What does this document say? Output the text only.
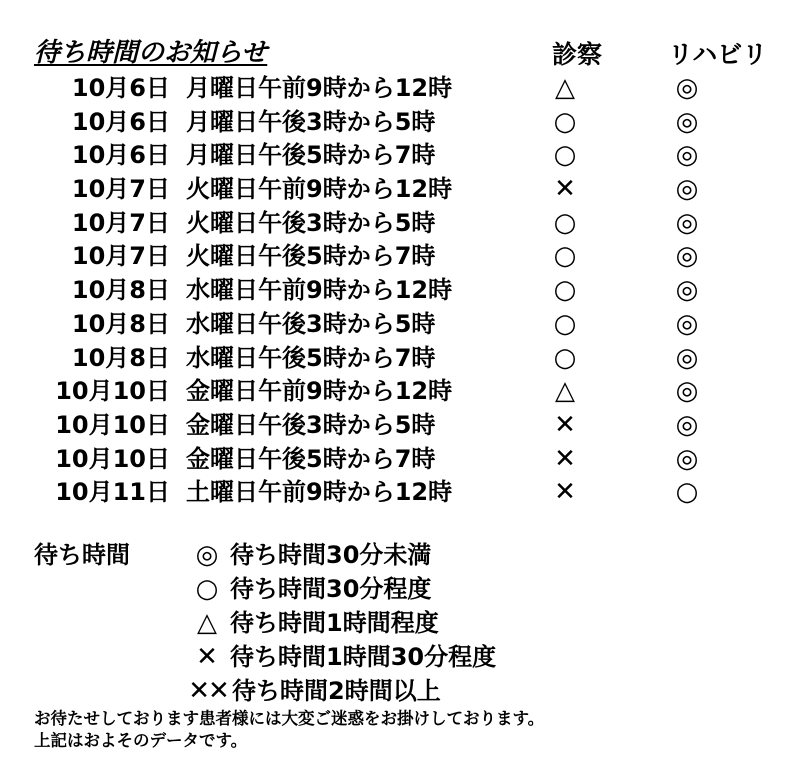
待ち時間のお知らせ	診察	リハビリ
10月6日 月曜日午前9時から12時	△	◎
10月6日 月曜日午後3時から5時	○	◎
10月6日 月曜日午後5時から7時	○	◎
10月7日 火曜日午前9時から12時	✕	◎
10月7日 火曜日午後3時から5時	○	◎
10月7日 火曜日午後5時から7時	○	◎
10月8日 水曜日午前9時から12時	○	◎
10月8日 水曜日午後3時から5時	○	◎
10月8日 水曜日午後5時から7時	○	◎
10月10日 金曜日午前9時から12時	△	◎
10月10日 金曜日午後3時から5時	✕	◎
10月10日 金曜日午後5時から7時	✕	◎
10月11日 土曜日午前9時から12時	✕	○
待ち時間	◎ 待ち時間30分未満
○ 待ち時間30分程度
△ 待ち時間1時間程度
✕ 待ち時間1時間30分程度
✕✕ 待ち時間2時間以上
お待たせしております患者様には大変ご迷惑をお掛けしております。
上記はおよそのデータです。
